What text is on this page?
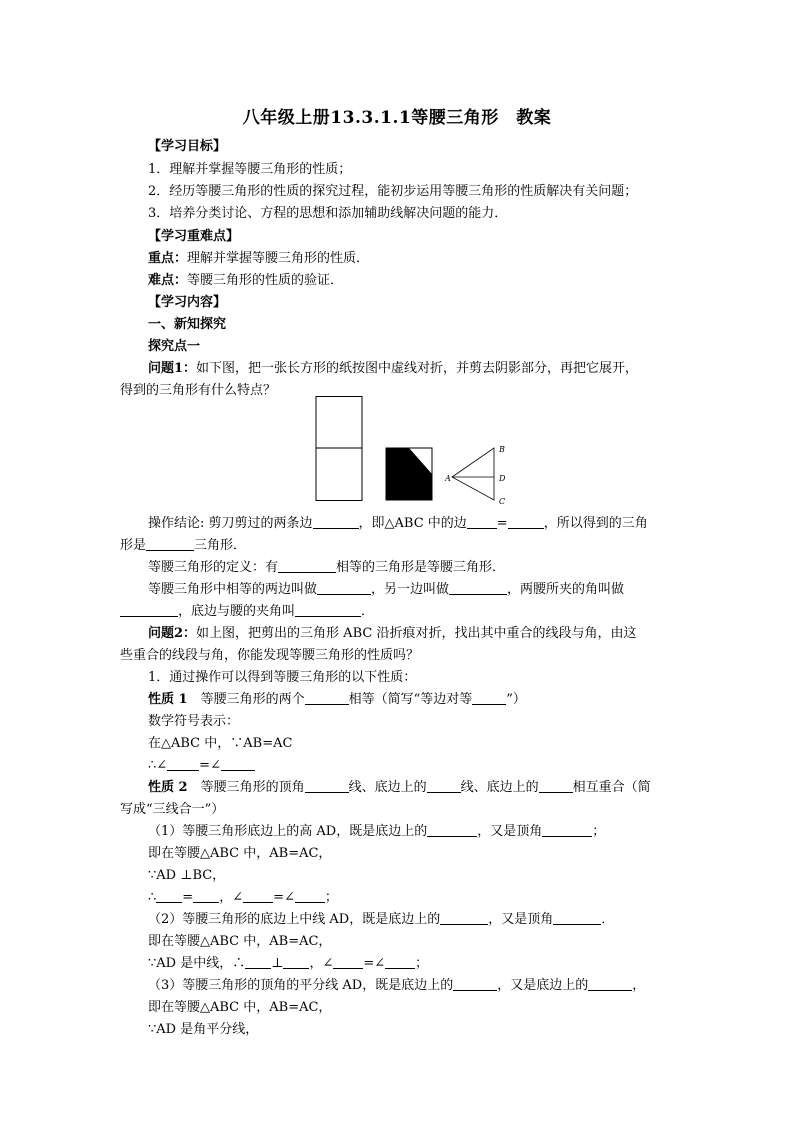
八年级上册13.3.1.1等腰三角形　教案
【学习目标】
1．理解并掌握等腰三角形的性质；
2．经历等腰三角形的性质的探究过程，能初步运用等腰三角形的性质解决有关问题；
3．培养分类讨论、方程的思想和添加辅助线解决问题的能力．
【学习重难点】
重点：理解并掌握等腰三角形的性质．
难点：等腰三角形的性质的验证．
【学习内容】
一、新知探究
探究点一
问题1：如下图，把一张长方形的纸按图中虚线对折，并剪去阴影部分，再把它展开，
得到的三角形有什么特点？
A
B
D
C
操作结论: 剪刀剪过的两条边	，即△ABC 中的边 =	，所以得到的三角
形是	三角形．
等腰三角形的定义：有	相等的三角形是等腰三角形．
等腰三角形中相等的两边叫做	，另一边叫做	，两腰所夹的角叫做
，底边与腰的夹角叫	．
问题2：如上图，把剪出的三角形 ABC 沿折痕对折，找出其中重合的线段与角，由这
些重合的线段与角，你能发现等腰三角形的性质吗？
1．通过操作可以得到等腰三角形的以下性质：
性质 1　 等腰三角形的两个	相等（简写“等边对等	”）
数学符号表示：
在△ABC 中，∵AB=AC
∴∠ =∠
性质 2　 等腰三角形的顶角	线、底边上的	线、底边上的	相互重合（简
写成“三线合一”）
（1）等腰三角形底边上的高 AD，既是底边上的	，又是顶角	；
即在等腰△ABC 中，AB=AC，
∵AD ⊥BC，
∴ = ，∠ =∠ ；
（2）等腰三角形的底边上中线 AD，既是底边上的	，又是顶角	．
即在等腰△ABC 中，AB=AC，
∵AD 是中线，∴ ⊥ ，∠ =∠ ；
（3）等腰三角形的顶角的平分线 AD，既是底边上的	，又是底边上的	，
即在等腰△ABC 中，AB=AC，
∵AD 是角平分线，
